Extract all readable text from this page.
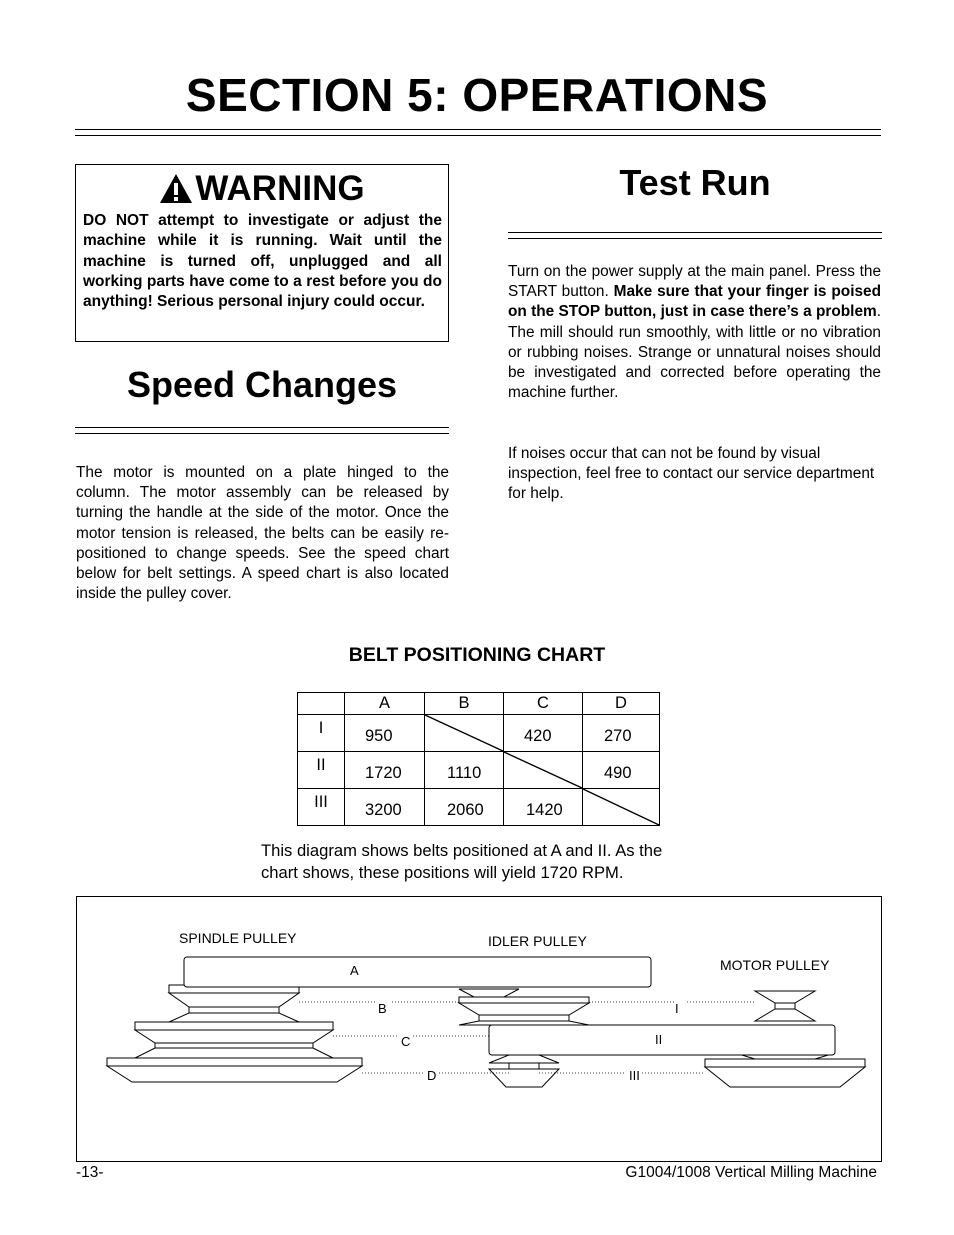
SECTION 5: OPERATIONS
WARNING
DO NOT attempt to investigate or adjust the machine while it is running. Wait until the machine is turned off, unplugged and all working parts have come to a rest before you do anything! Serious personal injury could occur.
Speed Changes
The motor is mounted on a plate hinged to the column. The motor assembly can be released by turning the handle at the side of the motor. Once the motor tension is released, the belts can be easily re-positioned to change speeds. See the speed chart below for belt settings. A speed chart is also located inside the pulley cover.
Test Run
Turn on the power supply at the main panel. Press the START button. Make sure that your finger is poised on the STOP button, just in case there’s a problem. The mill should run smoothly, with little or no vibration or rubbing noises. Strange or unnatural noises should be investigated and corrected before operating the machine further.
If noises occur that can not be found by visual inspection, feel free to contact our service department for help.
BELT POSITIONING CHART
	A	B	C	D
I	950		420	270
II	1720	1110		490
III	3200	2060	1420	
This diagram shows belts positioned at A and II. As the chart shows, these positions will yield 1720 RPM.
SPINDLE PULLEY	IDLER PULLEY
MOTOR PULLEY
A
B
C
D
I
II
III
-13-	G1004/1008 Vertical Milling Machine
